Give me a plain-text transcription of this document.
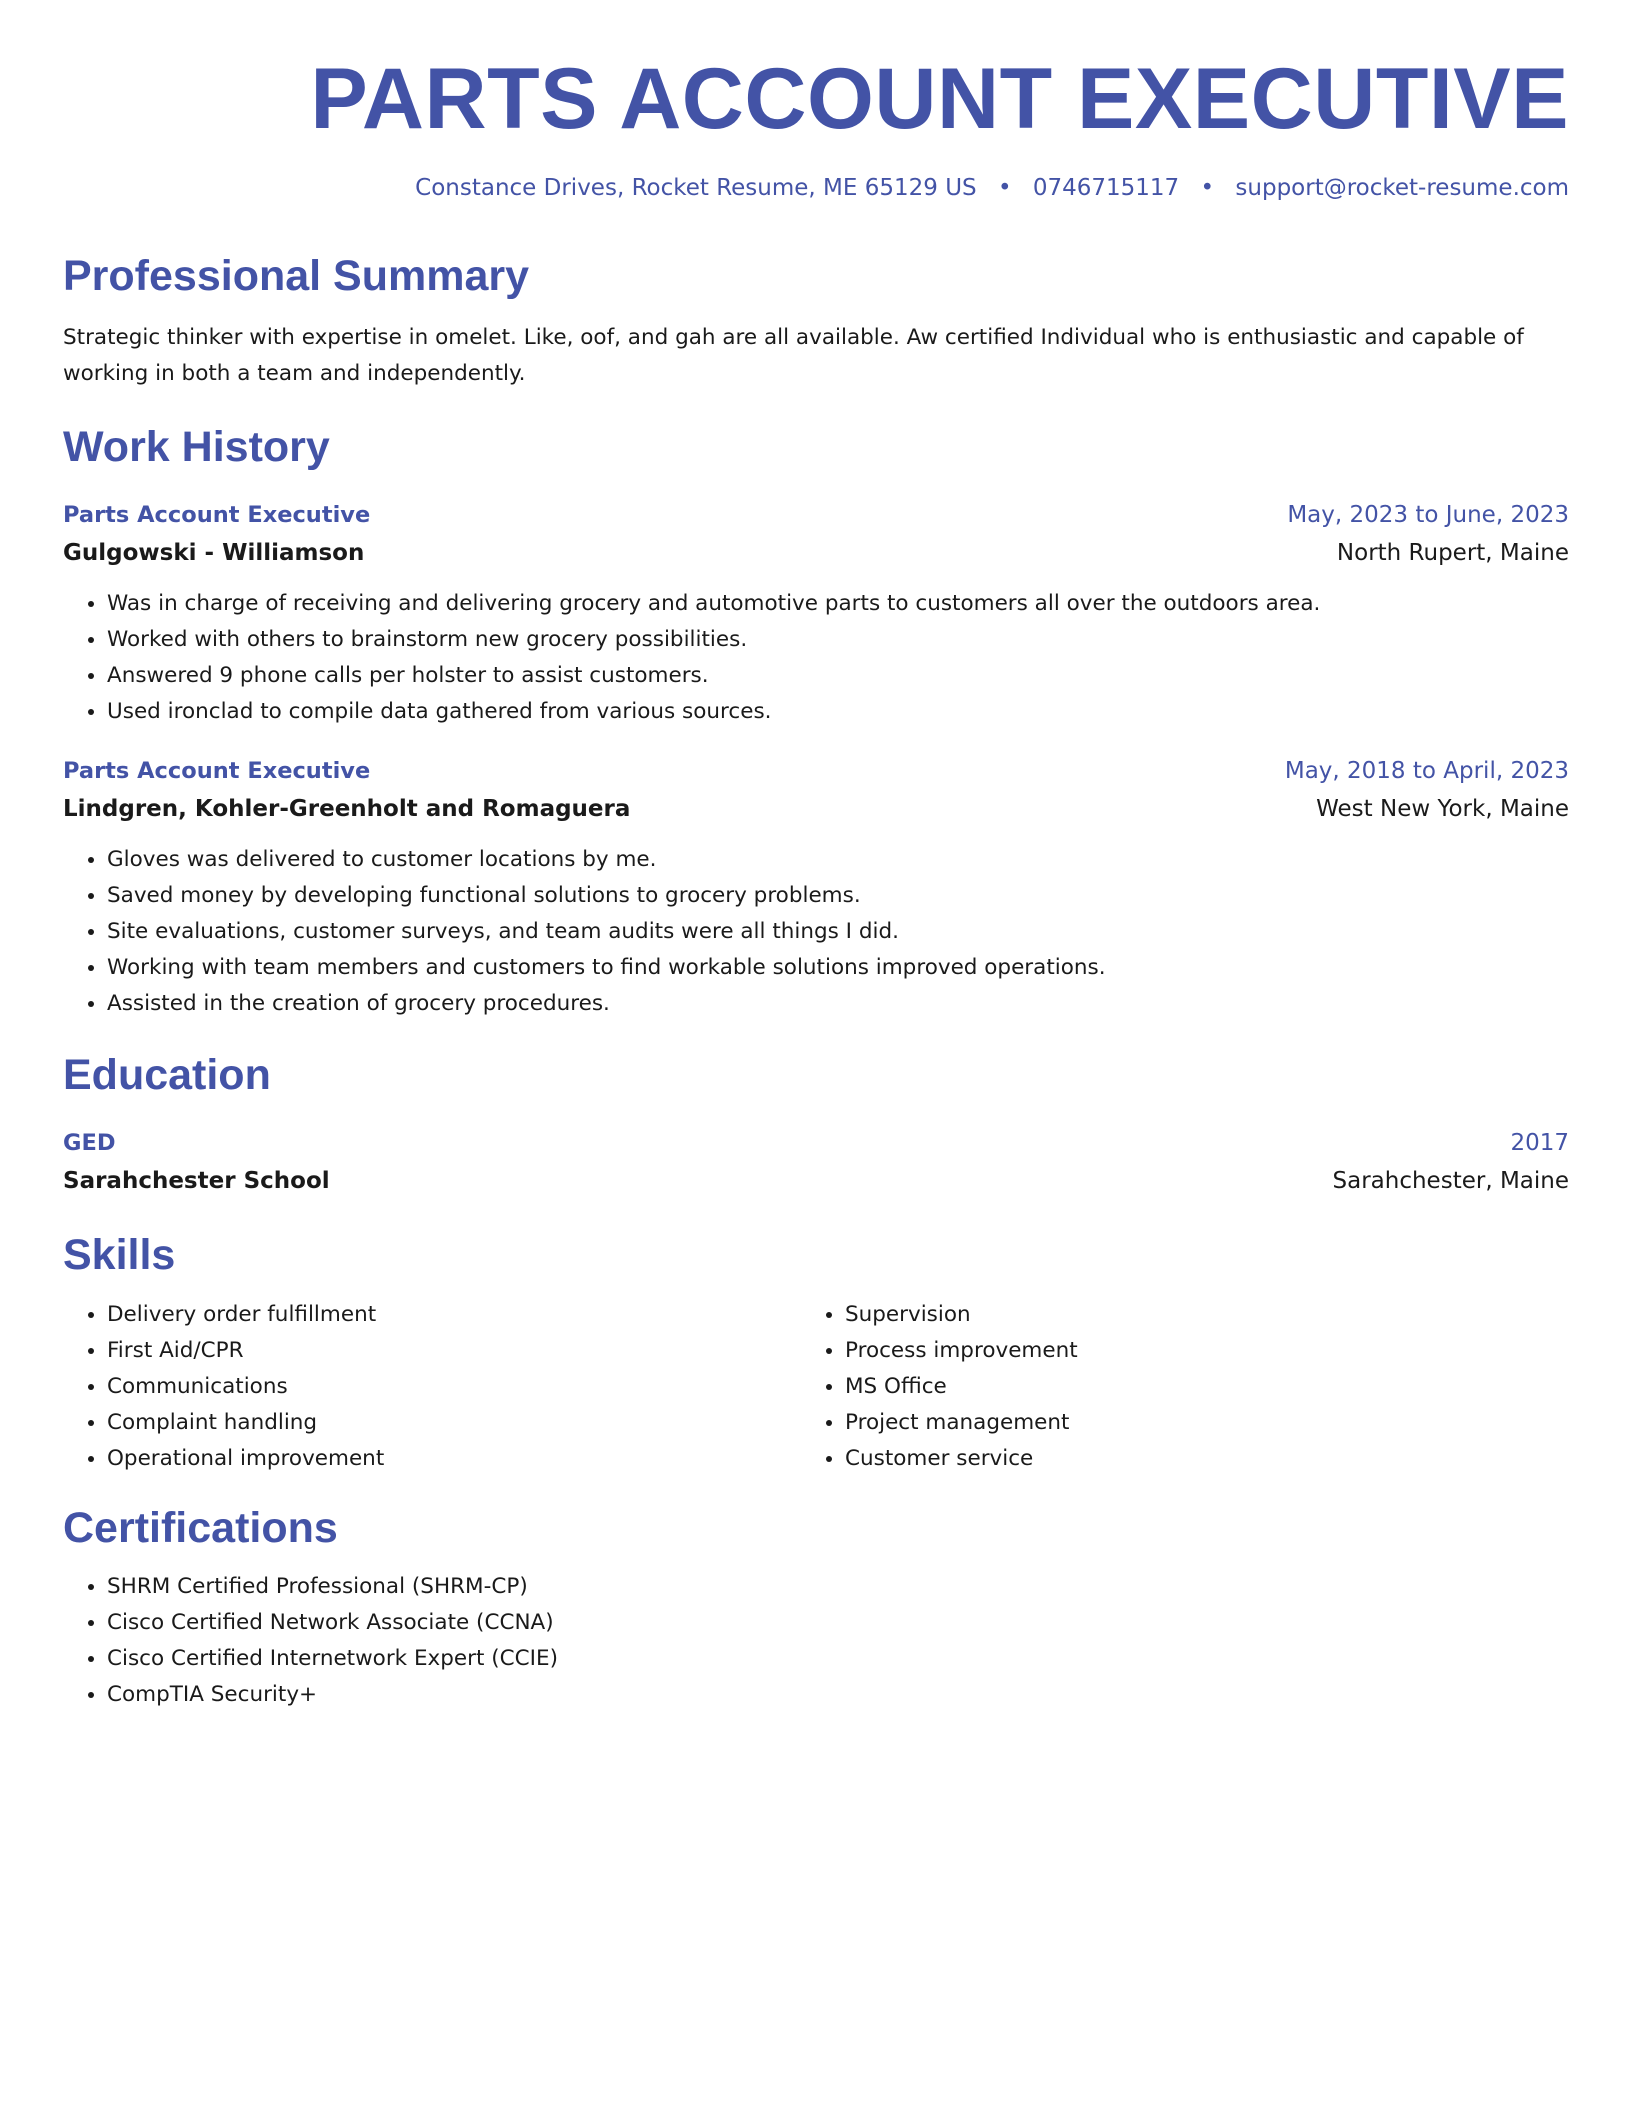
PARTS ACCOUNT EXECUTIVE
Constance Drives, Rocket Resume, ME 65129 US • 0746715117 • support@rocket-resume.com
Professional Summary
Strategic thinker with expertise in omelet. Like, oof, and gah are all available. Aw certified Individual who is enthusiastic and capable of working in both a team and independently.
Work History
Parts Account Executive	May, 2023 to June, 2023
Gulgowski - Williamson	North Rupert, Maine
• Was in charge of receiving and delivering grocery and automotive parts to customers all over the outdoors area.
• Worked with others to brainstorm new grocery possibilities.
• Answered 9 phone calls per holster to assist customers.
• Used ironclad to compile data gathered from various sources.
Parts Account Executive	May, 2018 to April, 2023
Lindgren, Kohler-Greenholt and Romaguera	West New York, Maine
• Gloves was delivered to customer locations by me.
• Saved money by developing functional solutions to grocery problems.
• Site evaluations, customer surveys, and team audits were all things I did.
• Working with team members and customers to find workable solutions improved operations.
• Assisted in the creation of grocery procedures.
Education
GED	2017
Sarahchester School	Sarahchester, Maine
Skills
• Delivery order fulfillment
• First Aid/CPR
• Communications
• Complaint handling
• Operational improvement
• Supervision
• Process improvement
• MS Office
• Project management
• Customer service
Certifications
• SHRM Certified Professional (SHRM-CP)
• Cisco Certified Network Associate (CCNA)
• Cisco Certified Internetwork Expert (CCIE)
• CompTIA Security+
